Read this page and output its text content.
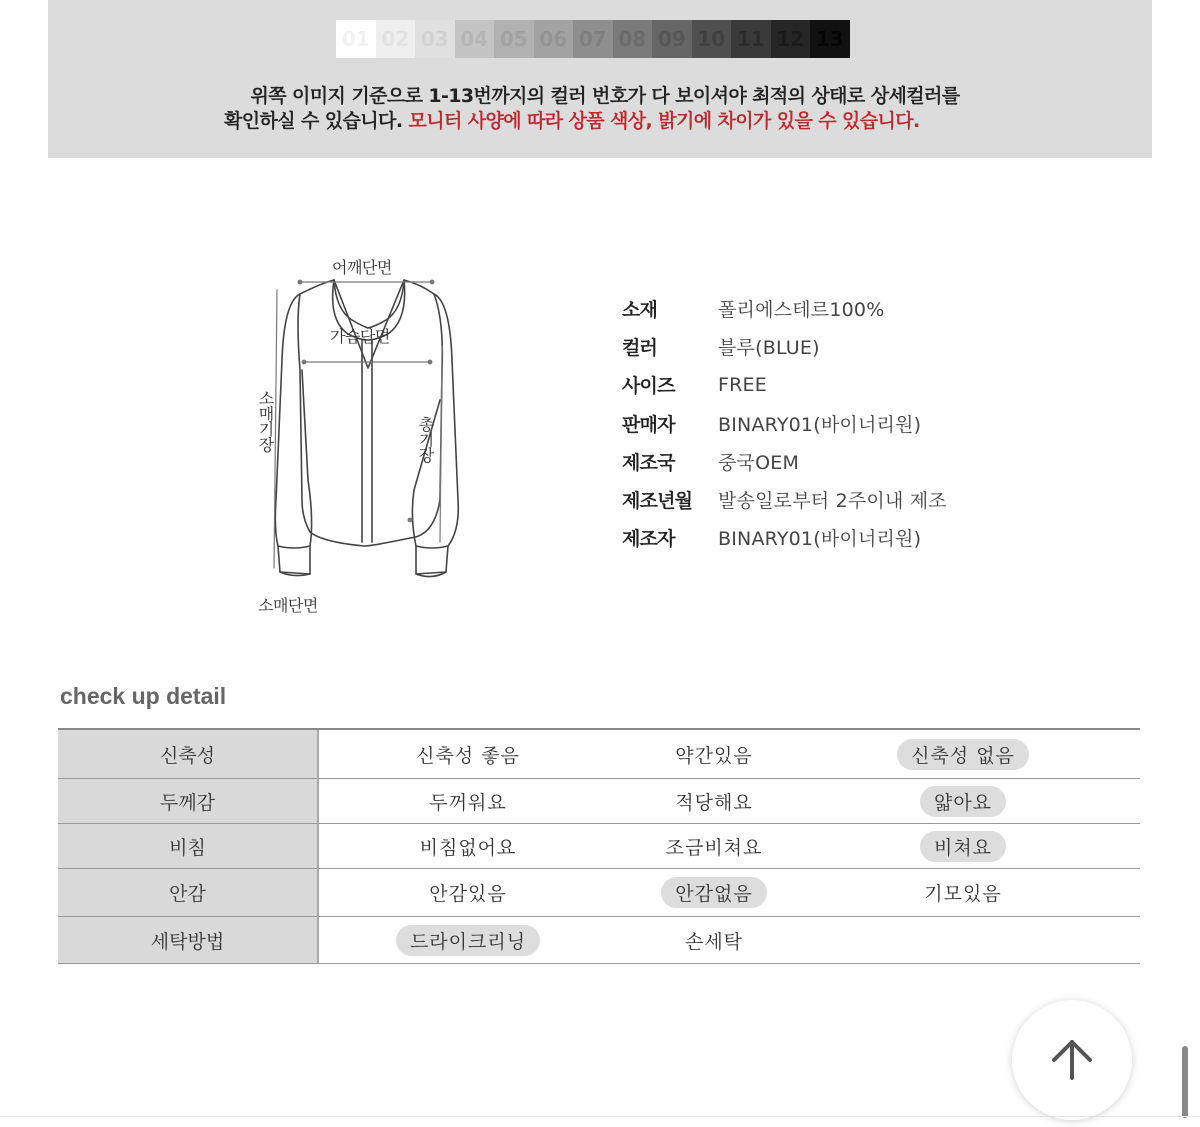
01 02 03 04 05 06 07 08 09 10 11 12 13
위쪽 이미지 기준으로 1-13번까지의 컬러 번호가 다 보이셔야 최적의 상태로 상세컬러를
확인하실 수 있습니다. 모니터 사양에 따라 상품 색상, 밝기에 차이가 있을 수 있습니다.
어깨단면
가슴단면
소매기장	총기장
소매단면
소재	폴리에스테르100%
컬러	블루(BLUE)
사이즈	FREE
판매자	BINARY01(바이너리원)
제조국	중국OEM
제조년월	발송일로부터 2주이내 제조
제조자	BINARY01(바이너리원)
check up detail
신축성	신축성 좋음	약간있음	신축성 없음
두께감	두꺼워요	적당해요	얇아요
비침	비침없어요	조금비쳐요	비쳐요
안감	안감있음	안감없음	기모있음
세탁방법	드라이크리닝	손세탁
